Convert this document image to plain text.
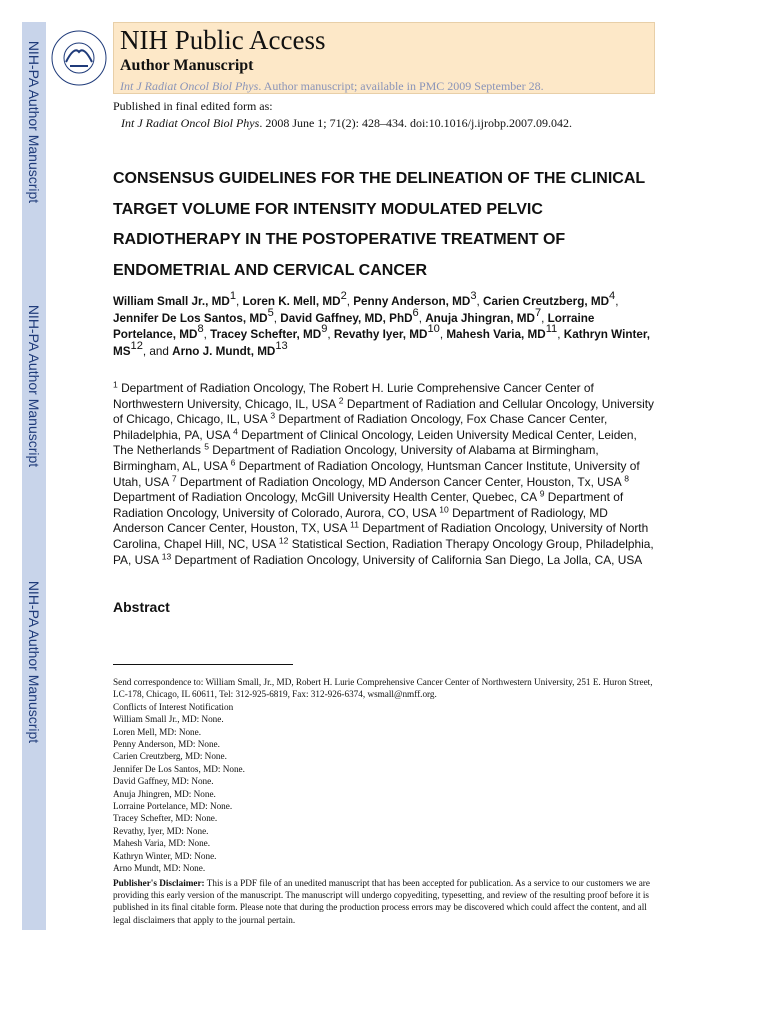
NIH-PA Author Manuscript
NIH-PA Author Manuscript
NIH-PA Author Manuscript
NIH Public Access
Author Manuscript
Int J Radiat Oncol Biol Phys. Author manuscript; available in PMC 2009 September 28.
Published in final edited form as:
Int J Radiat Oncol Biol Phys. 2008 June 1; 71(2): 428–434. doi:10.1016/j.ijrobp.2007.09.042.
CONSENSUS GUIDELINES FOR THE DELINEATION OF THE CLINICAL TARGET VOLUME FOR INTENSITY MODULATED PELVIC RADIOTHERAPY IN THE POSTOPERATIVE TREATMENT OF ENDOMETRIAL AND CERVICAL CANCER
William Small Jr., $MD^1$, Loren K. Mell, $MD^2$, Penny Anderson, $MD^3$, Carien Creutzberg, $MD^4$, Jennifer De Los Santos, $MD^5$, David Gaffney, MD, PhD$^6$, Anuja Jhingran, $MD^7$, Lorraine Portelance, $MD^8$, Tracey Schefter, $MD^9$, Revathy Iyer, MD$^{10}$, Mahesh Varia, MD$^{11}$, Kathryn Winter, MS$^{12}$, and Arno J. Mundt, MD$^{13}$
$^1$ Department of Radiation Oncology, The Robert H. Lurie Comprehensive Cancer Center of Northwestern University, Chicago, IL, USA $^2$ Department of Radiation and Cellular Oncology, University of Chicago, Chicago, IL, USA $^3$ Department of Radiation Oncology, Fox Chase Cancer Center, Philadelphia, PA, USA $^4$ Department of Clinical Oncology, Leiden University Medical Center, Leiden, The Netherlands $^5$ Department of Radiation Oncology, University of Alabama at Birmingham, Birmingham, AL, USA $^6$ Department of Radiation Oncology, Huntsman Cancer Institute, University of Utah, USA $^7$ Department of Radiation Oncology, MD Anderson Cancer Center, Houston, Tx, USA $^8$ Department of Radiation Oncology, McGill University Health Center, Quebec, CA $^9$ Department of Radiation Oncology, University of Colorado, Aurora, CO, USA $^{10}$ Department of Radiology, MD Anderson Cancer Center, Houston, TX, USA $^{11}$ Department of Radiation Oncology, University of North Carolina, Chapel Hill, NC, USA $^{12}$ Statistical Section, Radiation Therapy Oncology Group, Philadelphia, PA, USA $^{13}$ Department of Radiation Oncology, University of California San Diego, La Jolla, CA, USA
Abstract

Send correspondence to: William Small, Jr., MD, Robert H. Lurie Comprehensive Cancer Center of Northwestern University, 251 E. Huron Street, LC-178, Chicago, IL 60611, Tel: 312-925-6819, Fax: 312-926-6374, wsmall@nmff.org.

Conflicts of Interest Notification

William Small Jr., MD: None.

Loren Mell, MD: None.

Penny Anderson, MD: None.

Carien Creutzberg, MD: None.

Jennifer De Los Santos, MD: None.

David Gaffney, MD: None.

Anuja Jhingren, MD: None.

Lorraine Portelance, MD: None.

Tracey Schefter, MD: None.

Revathy, Iyer, MD: None.

Mahesh Varia, MD: None.

Kathryn Winter, MD: None.

Arno Mundt, MD: None.

Publisher's Disclaimer: This is a PDF file of an unedited manuscript that has been accepted for publication. As a service to our customers we are providing this early version of the manuscript. The manuscript will undergo copyediting, typesetting, and review of the resulting proof before it is published in its final citable form. Please note that during the production process errors may be discovered which could affect the content, and all legal disclaimers that apply to the journal pertain.
